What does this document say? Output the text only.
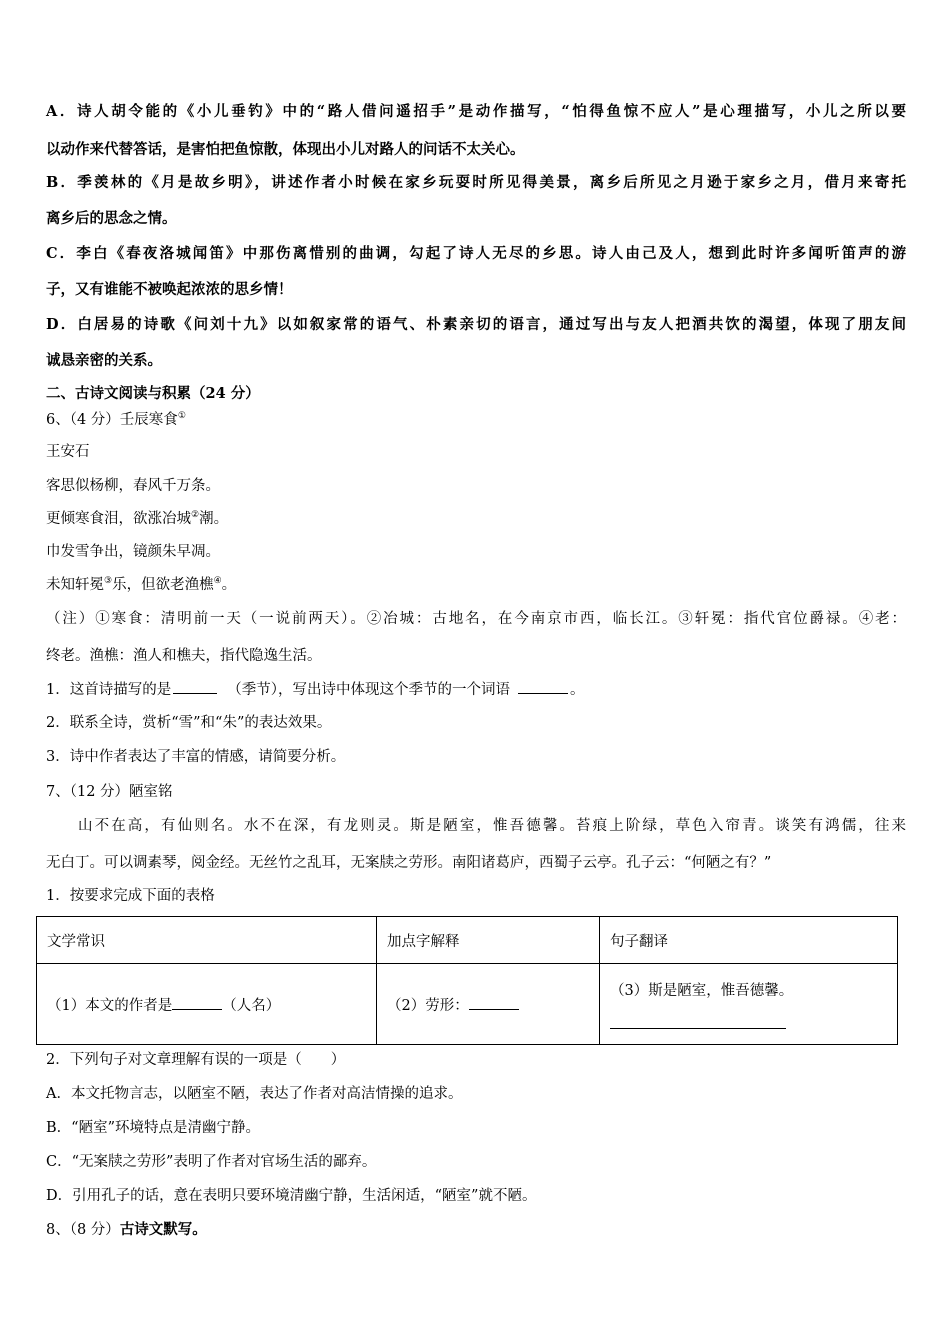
A．诗人胡令能的《小儿垂钓》中的“路人借问遥招手”是动作描写，“怕得鱼惊不应人”是心理描写，小儿之所以要
以动作来代替答话，是害怕把鱼惊散，体现出小儿对路人的问话不太关心。
B．季羡林的《月是故乡明》，讲述作者小时候在家乡玩耍时所见得美景，离乡后所见之月逊于家乡之月，借月来寄托
离乡后的思念之情。
C．李白《春夜洛城闻笛》中那伤离惜别的曲调，勾起了诗人无尽的乡思。诗人由己及人，想到此时许多闻听笛声的游
子，又有谁能不被唤起浓浓的思乡情！
D．白居易的诗歌《问刘十九》以如叙家常的语气、朴素亲切的语言，通过写出与友人把酒共饮的渴望，体现了朋友间
诚恳亲密的关系。
二、古诗文阅读与积累（24 分）
6、（4 分）壬辰寒食①
王安石
客思似杨柳，春风千万条。
更倾寒食泪，欲涨冶城②潮。
巾发雪争出，镜颜朱早凋。
未知轩冕③乐，但欲老渔樵④。
（注）①寒食：清明前一天（一说前两天）。②冶城：古地名，在今南京市西，临长江。③轩冕：指代官位爵禄。④老：
终老。渔樵：渔人和樵夫，指代隐逸生活。
1．这首诗描写的是	（季节），写出诗中体现这个季节的一个词语	。
2．联系全诗，赏析“雪”和“朱”的表达效果。
3．诗中作者表达了丰富的情感，请简要分析。
7、（12 分）陋室铭
山不在高，有仙则名。水不在深，有龙则灵。斯是陋室，惟吾德馨。苔痕上阶绿，草色入帘青。谈笑有鸿儒，往来
无白丁。可以调素琴，阅金经。无丝竹之乱耳，无案牍之劳形。南阳诸葛庐，西蜀子云亭。孔子云：“何陋之有？”
1．按要求完成下面的表格
文学常识	加点字解释	句子翻译
（1）本文的作者是 （人名）	（2）劳形：	（3）斯是陋室，惟吾德馨。
2．下列句子对文章理解有误的一项是（　　）
A．本文托物言志，以陋室不陋，表达了作者对高洁情操的追求。
B．“陋室”环境特点是清幽宁静。
C．“无案牍之劳形”表明了作者对官场生活的鄙弃。
D．引用孔子的话，意在表明只要环境清幽宁静，生活闲适，“陋室”就不陋。
8、（8 分）古诗文默写。
